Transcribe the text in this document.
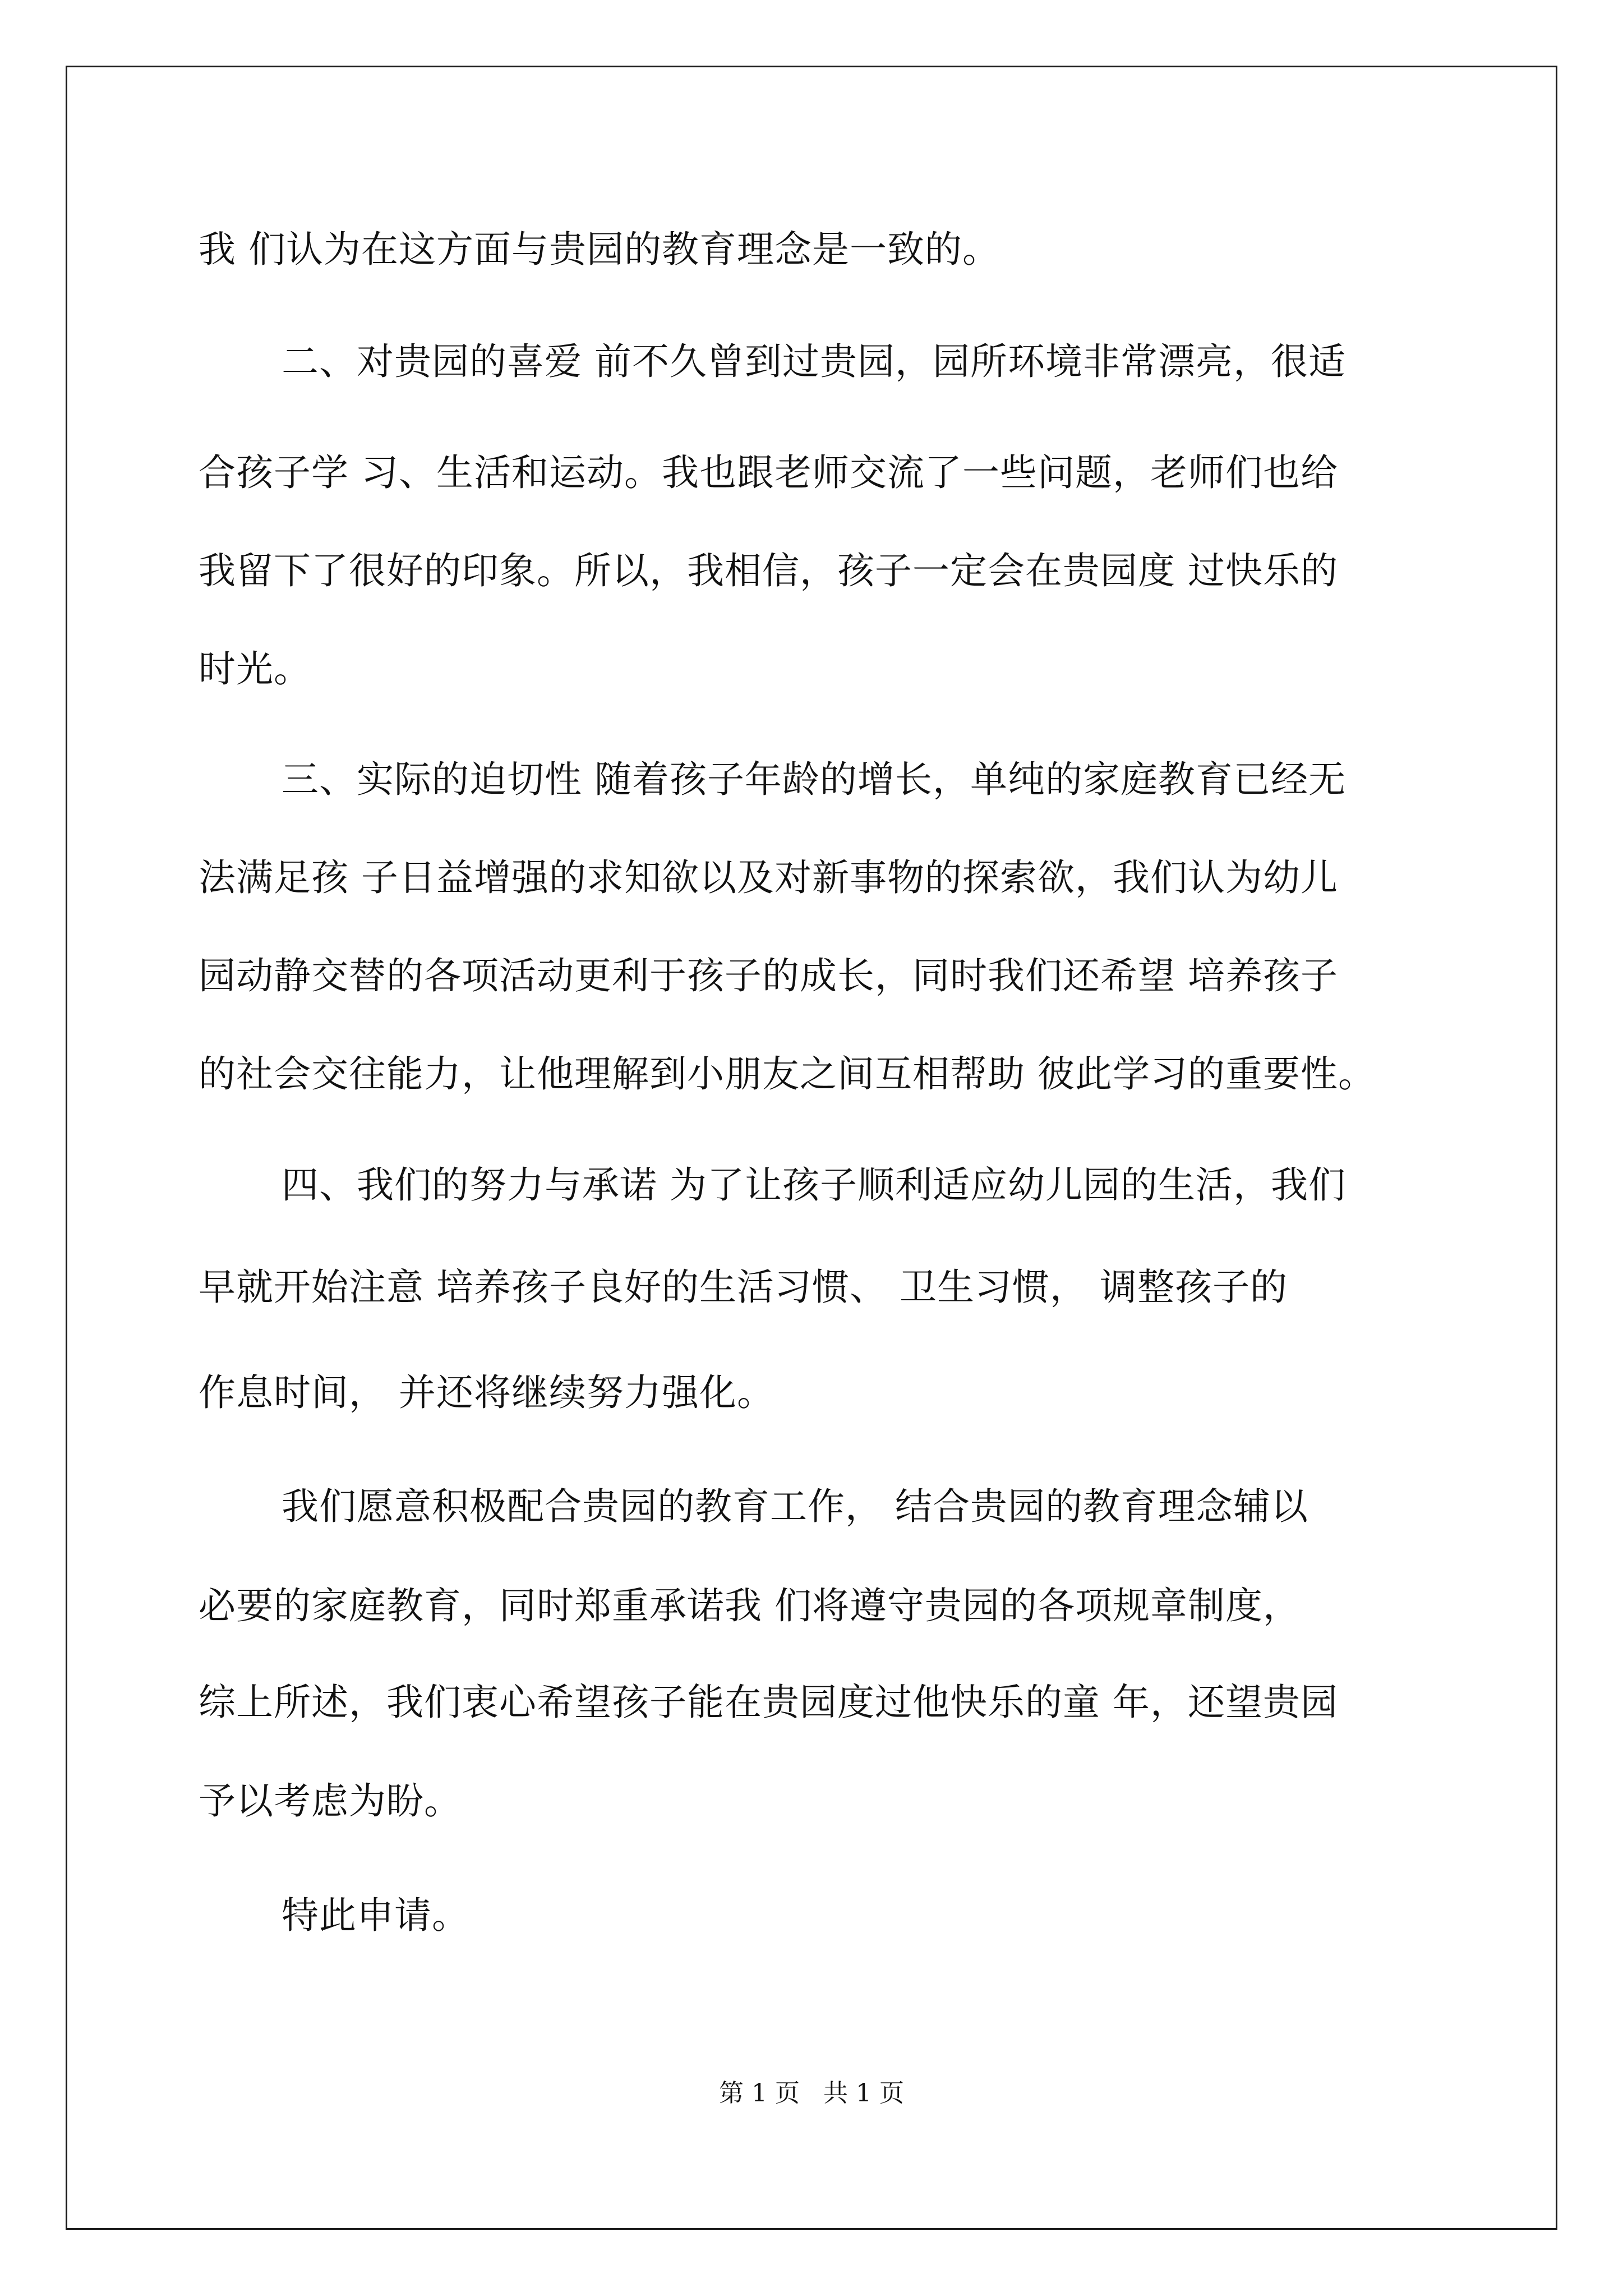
我 们认为在这方面与贵园的教育理念是一致的。
二、对贵园的喜爱 前不久曾到过贵园，园所环境非常漂亮，很适
合孩子学 习、生活和运动。我也跟老师交流了一些问题，老师们也给
我留下了很好的印象。所以，我相信，孩子一定会在贵园度 过快乐的
时光。
三、实际的迫切性 随着孩子年龄的增长，单纯的家庭教育已经无
法满足孩 子日益增强的求知欲以及对新事物的探索欲，我们认为幼儿
园动静交替的各项活动更利于孩子的成长，同时我们还希望 培养孩子
的社会交往能力，让他理解到小朋友之间互相帮助 彼此学习的重要性。
四、我们的努力与承诺 为了让孩子顺利适应幼儿园的生活，我们
早就开始注意 培养孩子良好的生活习惯、 卫生习惯， 调整孩子的
作息时间， 并还将继续努力强化。
我们愿意积极配合贵园的教育工作， 结合贵园的教育理念辅以
必要的家庭教育，同时郑重承诺我 们将遵守贵园的各项规章制度，
综上所述，我们衷心希望孩子能在贵园度过他快乐的童 年，还望贵园
予以考虑为盼。
特此申请。
第 1 页   共 1 页
